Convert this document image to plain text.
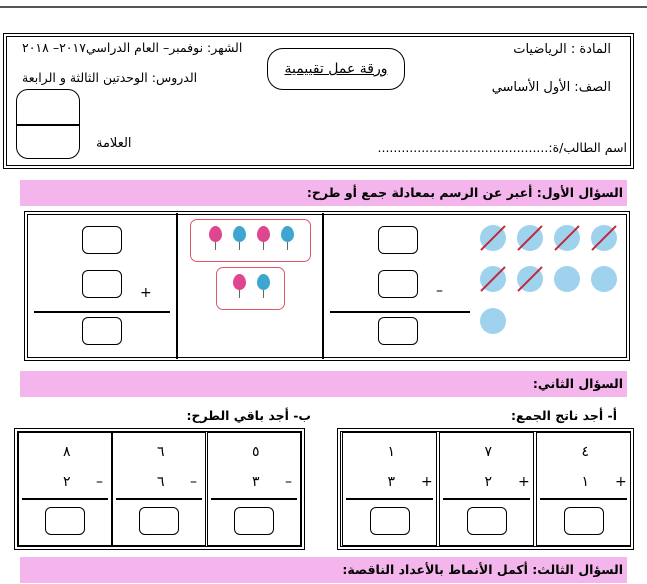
المادة : الرياضيات
الصف: الأول الأساسي
اسم الطالب/ة:...........................................
ورقة عمل تقييمية
الشهر: نوفمبر– العام الدراسي٢٠١٧– ٢٠١٨
الدروس: الوحدتين الثالثة و الرابعة
العلامة
السؤال الأول: أعبر عن الرسم بمعادلة جمع أو طرح:
–
+
السؤال الثاني:
أ- أجد ناتج الجمع:
ب- أجد باقي الطرح:
٤
١ +
٧
٢ +
١
٣ +
٥
٣ –
٦
٦ –
٨
٢ –
السؤال الثالث: أكمل الأنماط بالأعداد الناقصة:
